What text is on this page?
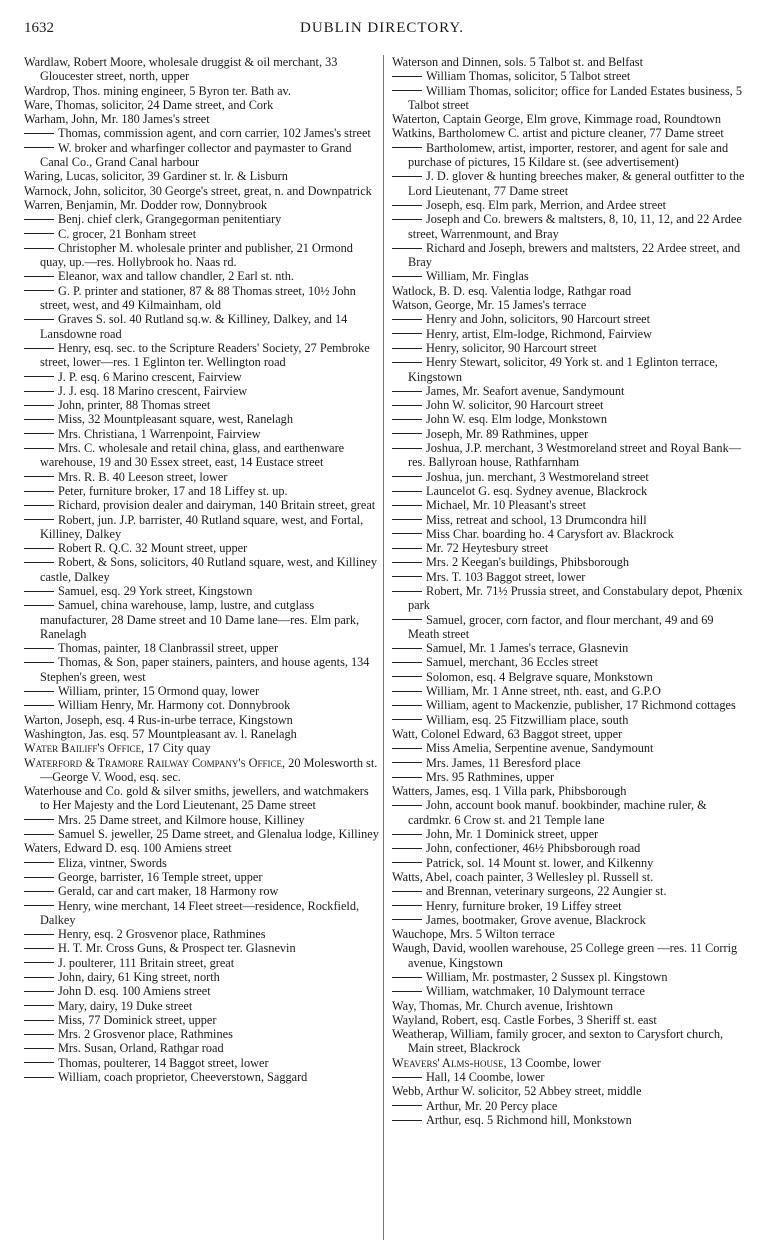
1632	DUBLIN DIRECTORY.
Wardlaw, Robert Moore, wholesale druggist & oil merchant, 33 Gloucester street, north, upper
Wardrop, Thos. mining engineer, 5 Byron ter. Bath av.
Ware, Thomas, solicitor, 24 Dame street, and Cork
Warham, John, Mr. 180 James's street
Thomas, commission agent, and corn carrier, 102 James's street
W. broker and wharfinger collector and paymaster to Grand Canal Co., Grand Canal harbour
Waring, Lucas, solicitor, 39 Gardiner st. lr. & Lisburn
Warnock, John, solicitor, 30 George's street, great, n. and Downpatrick
Warren, Benjamin, Mr. Dodder row, Donnybrook
Benj. chief clerk, Grangegorman penitentiary
C. grocer, 21 Bonham street
Christopher M. wholesale printer and publisher, 21 Ormond quay, up.—res. Hollybrook ho. Naas rd.
Eleanor, wax and tallow chandler, 2 Earl st. nth.
G. P. printer and stationer, 87 & 88 Thomas street, 10½ John street, west, and 49 Kilmainham, old
Graves S. sol. 40 Rutland sq.w. & Killiney, Dalkey, and 14 Lansdowne road
Henry, esq. sec. to the Scripture Readers' Society, 27 Pembroke street, lower—res. 1 Eglinton ter. Wellington road
J. P. esq. 6 Marino crescent, Fairview
J. J. esq. 18 Marino crescent, Fairview
John, printer, 88 Thomas street
Miss, 32 Mountpleasant square, west, Ranelagh
Mrs. Christiana, 1 Warrenpoint, Fairview
Mrs. C. wholesale and retail china, glass, and earthenware warehouse, 19 and 30 Essex street, east, 14 Eustace street
Mrs. R. B. 40 Leeson street, lower
Peter, furniture broker, 17 and 18 Liffey st. up.
Richard, provision dealer and dairyman, 140 Britain street, great
Robert, jun. J.P. barrister, 40 Rutland square, west, and Fortal, Killiney, Dalkey
Robert R. Q.C. 32 Mount street, upper
Robert, & Sons, solicitors, 40 Rutland square, west, and Killiney castle, Dalkey
Samuel, esq. 29 York street, Kingstown
Samuel, china warehouse, lamp, lustre, and cutglass manufacturer, 28 Dame street and 10 Dame lane—res. Elm park, Ranelagh
Thomas, painter, 18 Clanbrassil street, upper
Thomas, & Son, paper stainers, painters, and house agents, 134 Stephen's green, west
William, printer, 15 Ormond quay, lower
William Henry, Mr. Harmony cot. Donnybrook
Warton, Joseph, esq. 4 Rus-in-urbe terrace, Kingstown
Washington, Jas. esq. 57 Mountpleasant av. l. Ranelagh
Water Bailiff's Office, 17 City quay
Waterford & Tramore Railway Company's Office, 20 Molesworth st.—George V. Wood, esq. sec.
Waterhouse and Co. gold & silver smiths, jewellers, and watchmakers to Her Majesty and the Lord Lieutenant, 25 Dame street
Mrs. 25 Dame street, and Kilmore house, Killiney
Samuel S. jeweller, 25 Dame street, and Glenalua lodge, Killiney
Waters, Edward D. esq. 100 Amiens street
Eliza, vintner, Swords
George, barrister, 16 Temple street, upper
Gerald, car and cart maker, 18 Harmony row
Henry, wine merchant, 14 Fleet street—residence, Rockfield, Dalkey
Henry, esq. 2 Grosvenor place, Rathmines
H. T. Mr. Cross Guns, & Prospect ter. Glasnevin
J. poulterer, 111 Britain street, great
John, dairy, 61 King street, north
John D. esq. 100 Amiens street
Mary, dairy, 19 Duke street
Miss, 77 Dominick street, upper
Mrs. 2 Grosvenor place, Rathmines
Mrs. Susan, Orland, Rathgar road
Thomas, poulterer, 14 Baggot street, lower
William, coach proprietor, Cheeverstown, Saggard
Waterson and Dinnen, sols. 5 Talbot st. and Belfast
William Thomas, solicitor, 5 Talbot street
William Thomas, solicitor; office for Landed Estates business, 5 Talbot street
Waterton, Captain George, Elm grove, Kimmage road, Roundtown
Watkins, Bartholomew C. artist and picture cleaner, 77 Dame street
Bartholomew, artist, importer, restorer, and agent for sale and purchase of pictures, 15 Kildare st. (see advertisement)
J. D. glover & hunting breeches maker, & general outfitter to the Lord Lieutenant, 77 Dame street
Joseph, esq. Elm park, Merrion, and Ardee street
Joseph and Co. brewers & maltsters, 8, 10, 11, 12, and 22 Ardee street, Warrenmount, and Bray
Richard and Joseph, brewers and maltsters, 22 Ardee street, and Bray
William, Mr. Finglas
Watlock, B. D. esq. Valentia lodge, Rathgar road
Watson, George, Mr. 15 James's terrace
Henry and John, solicitors, 90 Harcourt street
Henry, artist, Elm-lodge, Richmond, Fairview
Henry, solicitor, 90 Harcourt street
Henry Stewart, solicitor, 49 York st. and 1 Eglinton terrace, Kingstown
James, Mr. Seafort avenue, Sandymount
John W. solicitor, 90 Harcourt street
John W. esq. Elm lodge, Monkstown
Joseph, Mr. 89 Rathmines, upper
Joshua, J.P. merchant, 3 Westmoreland street and Royal Bank—res. Ballyroan house, Rathfarnham
Joshua, jun. merchant, 3 Westmoreland street
Launcelot G. esq. Sydney avenue, Blackrock
Michael, Mr. 10 Pleasant's street
Miss, retreat and school, 13 Drumcondra hill
Miss Char. boarding ho. 4 Carysfort av. Blackrock
Mr. 72 Heytesbury street
Mrs. 2 Keegan's buildings, Phibsborough
Mrs. T. 103 Baggot street, lower
Robert, Mr. 71½ Prussia street, and Constabulary depot, Phœnix park
Samuel, grocer, corn factor, and flour merchant, 49 and 69 Meath street
Samuel, Mr. 1 James's terrace, Glasnevin
Samuel, merchant, 36 Eccles street
Solomon, esq. 4 Belgrave square, Monkstown
William, Mr. 1 Anne street, nth. east, and G.P.O
William, agent to Mackenzie, publisher, 17 Richmond cottages
William, esq. 25 Fitzwilliam place, south
Watt, Colonel Edward, 63 Baggot street, upper
Miss Amelia, Serpentine avenue, Sandymount
Mrs. James, 11 Beresford place
Mrs. 95 Rathmines, upper
Watters, James, esq. 1 Villa park, Phibsborough
John, account book manuf. bookbinder, machine ruler, & cardmkr. 6 Crow st. and 21 Temple lane
John, Mr. 1 Dominick street, upper
John, confectioner, 46½ Phibsborough road
Patrick, sol. 14 Mount st. lower, and Kilkenny
Watts, Abel, coach painter, 3 Wellesley pl. Russell st.
and Brennan, veterinary surgeons, 22 Aungier st.
Henry, furniture broker, 19 Liffey street
James, bootmaker, Grove avenue, Blackrock
Wauchope, Mrs. 5 Wilton terrace
Waugh, David, woollen warehouse, 25 College green —res. 11 Corrig avenue, Kingstown
William, Mr. postmaster, 2 Sussex pl. Kingstown
William, watchmaker, 10 Dalymount terrace
Way, Thomas, Mr. Church avenue, Irishtown
Wayland, Robert, esq. Castle Forbes, 3 Sheriff st. east
Weatherap, William, family grocer, and sexton to Carysfort church, Main street, Blackrock
Weavers' Alms-house, 13 Coombe, lower
Hall, 14 Coombe, lower
Webb, Arthur W. solicitor, 52 Abbey street, middle
Arthur, Mr. 20 Percy place
Arthur, esq. 5 Richmond hill, Monkstown
